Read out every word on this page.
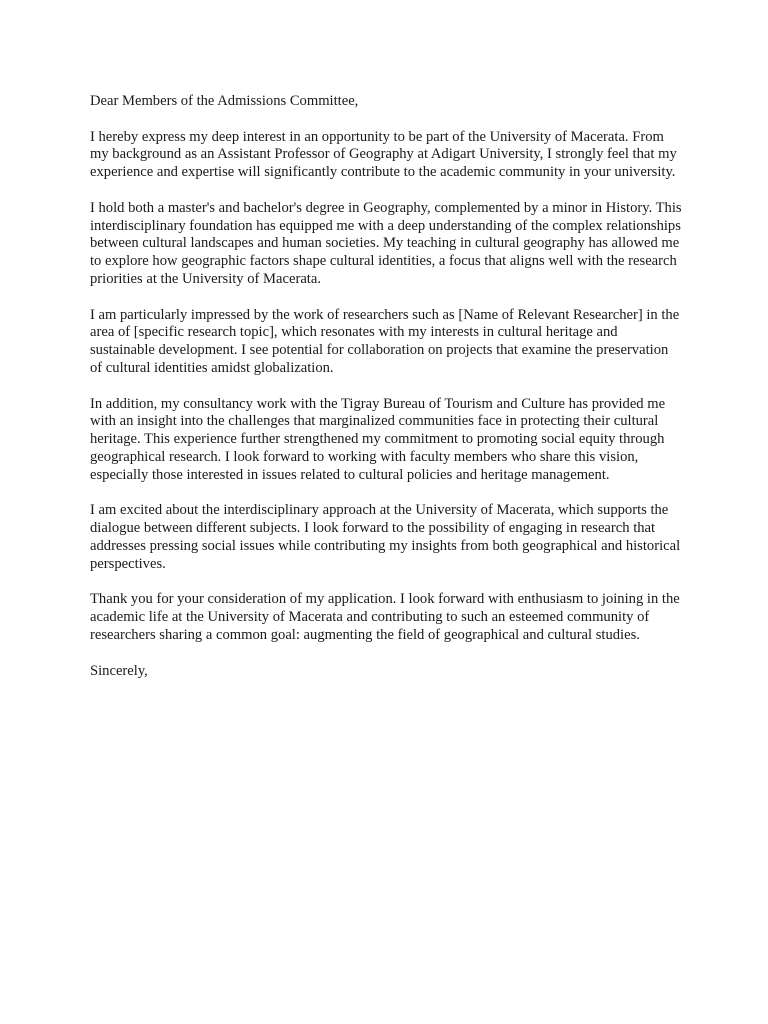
Dear Members of the Admissions Committee,

I hereby express my deep interest in an opportunity to be part of the University of Macerata. From my background as an Assistant Professor of Geography at Adigart University, I strongly feel that my experience and expertise will significantly contribute to the academic community in your university.

I hold both a master's and bachelor's degree in Geography, complemented by a minor in History. This interdisciplinary foundation has equipped me with a deep understanding of the complex relationships between cultural landscapes and human societies. My teaching in cultural geography has allowed me to explore how geographic factors shape cultural identities, a focus that aligns well with the research priorities at the University of Macerata.

I am particularly impressed by the work of researchers such as [Name of Relevant Researcher] in the area of [specific research topic], which resonates with my interests in cultural heritage and sustainable development. I see potential for collaboration on projects that examine the preservation of cultural identities amidst globalization.

In addition, my consultancy work with the Tigray Bureau of Tourism and Culture has provided me with an insight into the challenges that marginalized communities face in protecting their cultural heritage. This experience further strengthened my commitment to promoting social equity through geographical research. I look forward to working with faculty members who share this vision, especially those interested in issues related to cultural policies and heritage management.

I am excited about the interdisciplinary approach at the University of Macerata, which supports the dialogue between different subjects. I look forward to the possibility of engaging in research that addresses pressing social issues while contributing my insights from both geographical and historical perspectives.

Thank you for your consideration of my application. I look forward with enthusiasm to joining in the academic life at the University of Macerata and contributing to such an esteemed community of researchers sharing a common goal: augmenting the field of geographical and cultural studies.

Sincerely,
